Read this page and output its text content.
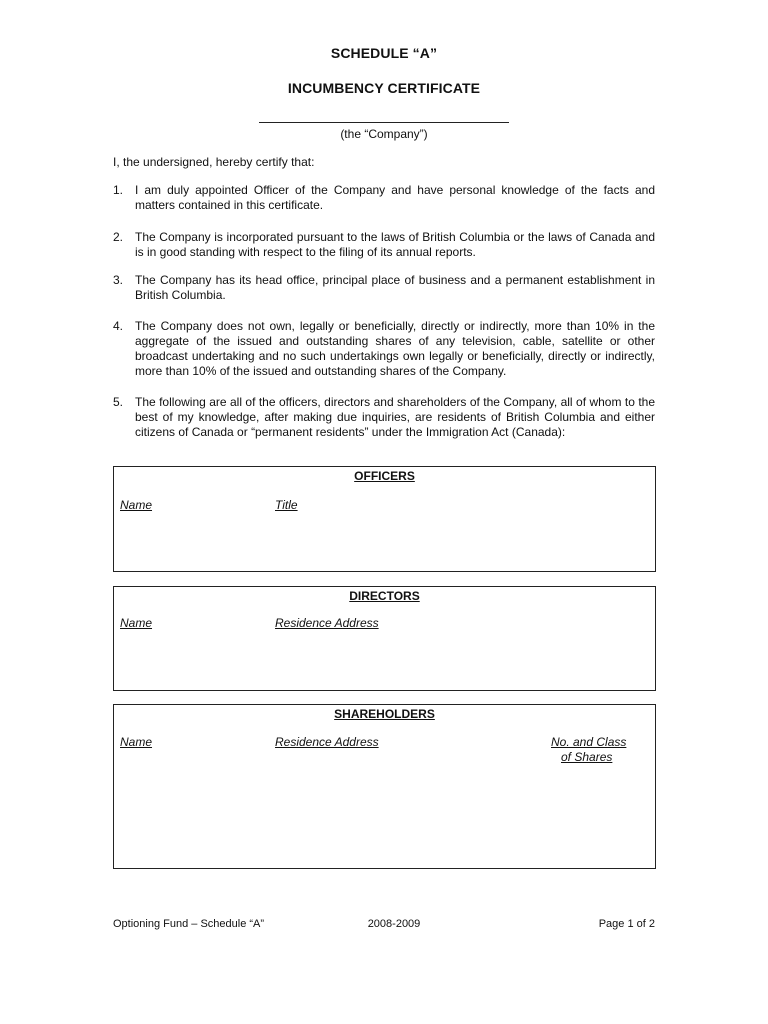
SCHEDULE “A”
INCUMBENCY CERTIFICATE
(the “Company”)
I, the undersigned, hereby certify that:
1. I am duly appointed Officer of the Company and have personal knowledge of the facts and matters contained in this certificate.
2. The Company is incorporated pursuant to the laws of British Columbia or the laws of Canada and is in good standing with respect to the filing of its annual reports.
3. The Company has its head office, principal place of business and a permanent establishment in British Columbia.
4. The Company does not own, legally or beneficially, directly or indirectly, more than 10% in the aggregate of the issued and outstanding shares of any television, cable, satellite or other broadcast undertaking and no such undertakings own legally or beneficially, directly or indirectly, more than 10% of the issued and outstanding shares of the Company.
5. The following are all of the officers, directors and shareholders of the Company, all of whom to the best of my knowledge, after making due inquiries, are residents of British Columbia and either citizens of Canada or “permanent residents” under the Immigration Act (Canada):
OFFICERS
Name	Title
DIRECTORS
Name	Residence Address
SHAREHOLDERS
Name	Residence Address	No. and Class
of Shares
Optioning Fund – Schedule “A”	2008-2009	Page 1 of 2
